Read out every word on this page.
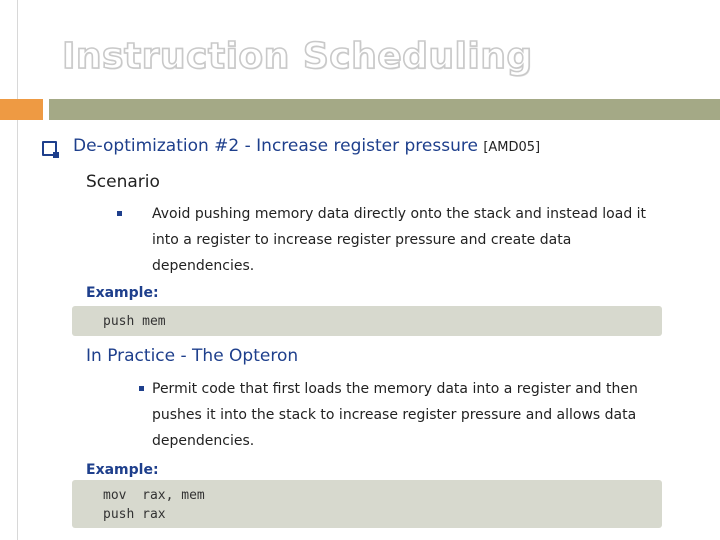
Instruction Scheduling
De-optimization #2 - Increase register pressure [AMD05]
Scenario
Avoid pushing memory data directly onto the stack and instead load it into a register to increase register pressure and create data dependencies.
Example:
push mem
In Practice - The Opteron
Permit code that first loads the memory data into a register and then pushes it into the stack to increase register pressure and allows data dependencies.
Example:
mov  rax, mem
push rax
